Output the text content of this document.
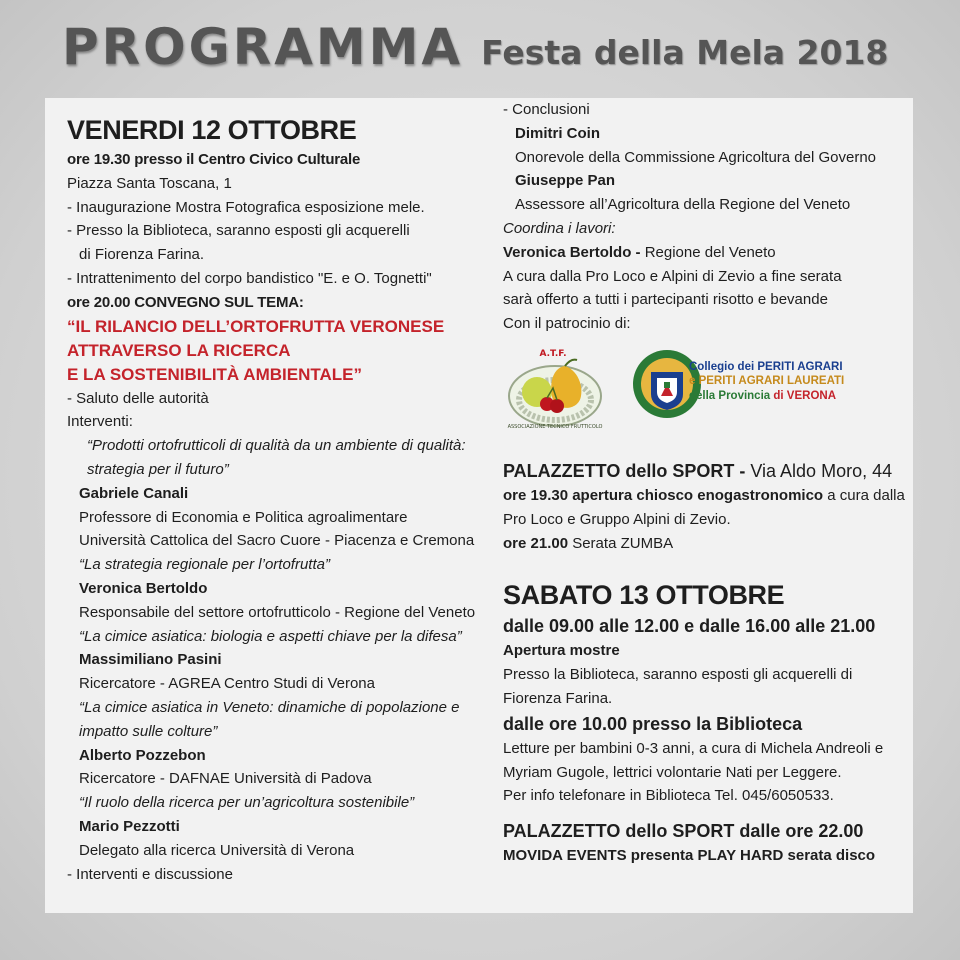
PROGRAMMA Festa della Mela 2018
VENERDI 12 OTTOBRE
ore 19.30 presso il Centro Civico Culturale
Piazza Santa Toscana, 1
- Inaugurazione Mostra Fotografica esposizione mele.
- Presso la Biblioteca, saranno esposti gli acquerelli
di Fiorenza Farina.
- Intrattenimento del corpo bandistico "E. e O. Tognetti"
ore 20.00 CONVEGNO SUL TEMA:
“IL RILANCIO DELL’ORTOFRUTTA VERONESE
ATTRAVERSO LA RICERCA
E LA SOSTENIBILITÀ AMBIENTALE”
- Saluto delle autorità
Interventi:
“Prodotti ortofrutticoli di qualità da un ambiente di qualità:
strategia per il futuro”
Gabriele Canali
Professore di Economia e Politica agroalimentare
Università Cattolica del Sacro Cuore - Piacenza e Cremona
“La strategia regionale per l’ortofrutta”
Veronica Bertoldo
Responsabile del settore ortofrutticolo - Regione del Veneto
“La cimice asiatica: biologia e aspetti chiave per la difesa”
Massimiliano Pasini
Ricercatore - AGREA Centro Studi di Verona
“La cimice asiatica in Veneto: dinamiche di popolazione e
impatto sulle colture”
Alberto Pozzebon
Ricercatore - DAFNAE Università di Padova
“Il ruolo della ricerca per un’agricoltura sostenibile”
Mario Pezzotti
Delegato alla ricerca Università di Verona
- Interventi e discussione
- Conclusioni
Dimitri Coin
Onorevole della Commissione Agricoltura del Governo
Giuseppe Pan
Assessore all’Agricoltura della Regione del Veneto
Coordina i lavori:
Veronica Bertoldo - Regione del Veneto
A cura dalla Pro Loco e Alpini di Zevio a fine serata
sarà offerto a tutti i partecipanti risotto e bevande
Con il patrocinio di:
A.T.F.
ASSOCIAZIONE TECNICO FRUTTICOLO
Collegio dei PERITI AGRARI
e PERITI AGRARI LAUREATI
della Provincia di VERONA
PALAZZETTO dello SPORT - Via Aldo Moro, 44
ore 19.30 apertura chiosco enogastronomico a cura dalla
Pro Loco e Gruppo Alpini di Zevio.
ore 21.00 Serata ZUMBA
SABATO 13 OTTOBRE
dalle 09.00 alle 12.00 e dalle 16.00 alle 21.00
Apertura mostre
Presso la Biblioteca, saranno esposti gli acquerelli di
Fiorenza Farina.
dalle ore 10.00 presso la Biblioteca
Letture per bambini 0-3 anni, a cura di Michela Andreoli e
Myriam Gugole, lettrici volontarie Nati per Leggere.
Per info telefonare in Biblioteca Tel. 045/6050533.
PALAZZETTO dello SPORT dalle ore 22.00
MOVIDA EVENTS presenta PLAY HARD serata disco
